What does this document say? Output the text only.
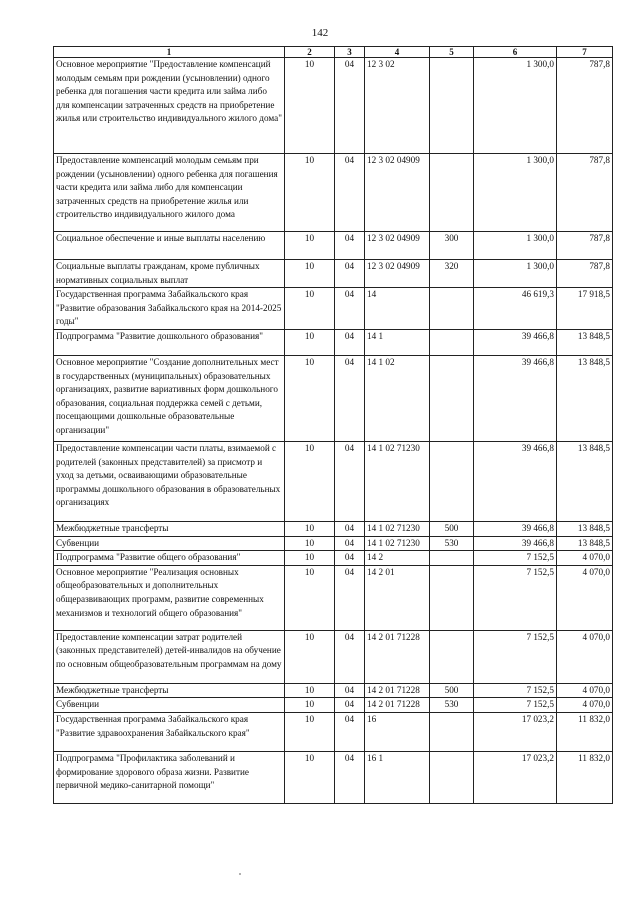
142
1	2	3	4	5	6	7
Основное мероприятие "Предоставление компенсаций молодым семьям при рождении (усыновлении) одного ребенка для погашения части кредита или займа либо для компенсации затраченных средств на приобретение жилья или строительство индивидуального жилого дома"	10	04	12 3 02		1 300,0	787,8
Предоставление компенсаций молодым семьям при рождении (усыновлении) одного ребенка для погашения части кредита или займа либо для компенсации затраченных средств на приобретение жилья или строительство индивидуального жилого дома	10	04	12 3 02 04909		1 300,0	787,8
Социальное обеспечение и иные выплаты населению	10	04	12 3 02 04909	300	1 300,0	787,8
Социальные выплаты гражданам, кроме публичных нормативных социальных выплат	10	04	12 3 02 04909	320	1 300,0	787,8
Государственная программа Забайкальского края "Развитие образования Забайкальского края на 2014-2025 годы"	10	04	14		46 619,3	17 918,5
Подпрограмма "Развитие дошкольного образования"	10	04	14 1		39 466,8	13 848,5
Основное мероприятие "Создание дополнительных мест в государственных (муниципальных) образовательных организациях, развитие вариативных форм дошкольного образования, социальная поддержка семей с детьми, посещающими дошкольные образовательные организации"	10	04	14 1 02		39 466,8	13 848,5
Предоставление компенсации части платы, взимаемой с родителей (законных представителей) за присмотр и уход за детьми, осваивающими образовательные программы дошкольного образования в образовательных организациях	10	04	14 1 02 71230		39 466,8	13 848,5
Межбюджетные трансферты	10	04	14 1 02 71230	500	39 466,8	13 848,5
Субвенции	10	04	14 1 02 71230	530	39 466,8	13 848,5
Подпрограмма "Развитие общего образования"	10	04	14 2		7 152,5	4 070,0
Основное мероприятие "Реализация основных общеобразовательных и дополнительных общеразвивающих программ, развитие современных механизмов и технологий общего образования"	10	04	14 2 01		7 152,5	4 070,0
Предоставление компенсации затрат родителей (законных представителей) детей-инвалидов на обучение по основным общеобразовательным программам на дому	10	04	14 2 01 71228		7 152,5	4 070,0
Межбюджетные трансферты	10	04	14 2 01 71228	500	7 152,5	4 070,0
Субвенции	10	04	14 2 01 71228	530	7 152,5	4 070,0
Государственная программа Забайкальского края "Развитие здравоохранения Забайкальского края"	10	04	16		17 023,2	11 832,0
Подпрограмма "Профилактика заболеваний и формирование здорового образа жизни. Развитие первичной медико-санитарной помощи"	10	04	16 1		17 023,2	11 832,0
